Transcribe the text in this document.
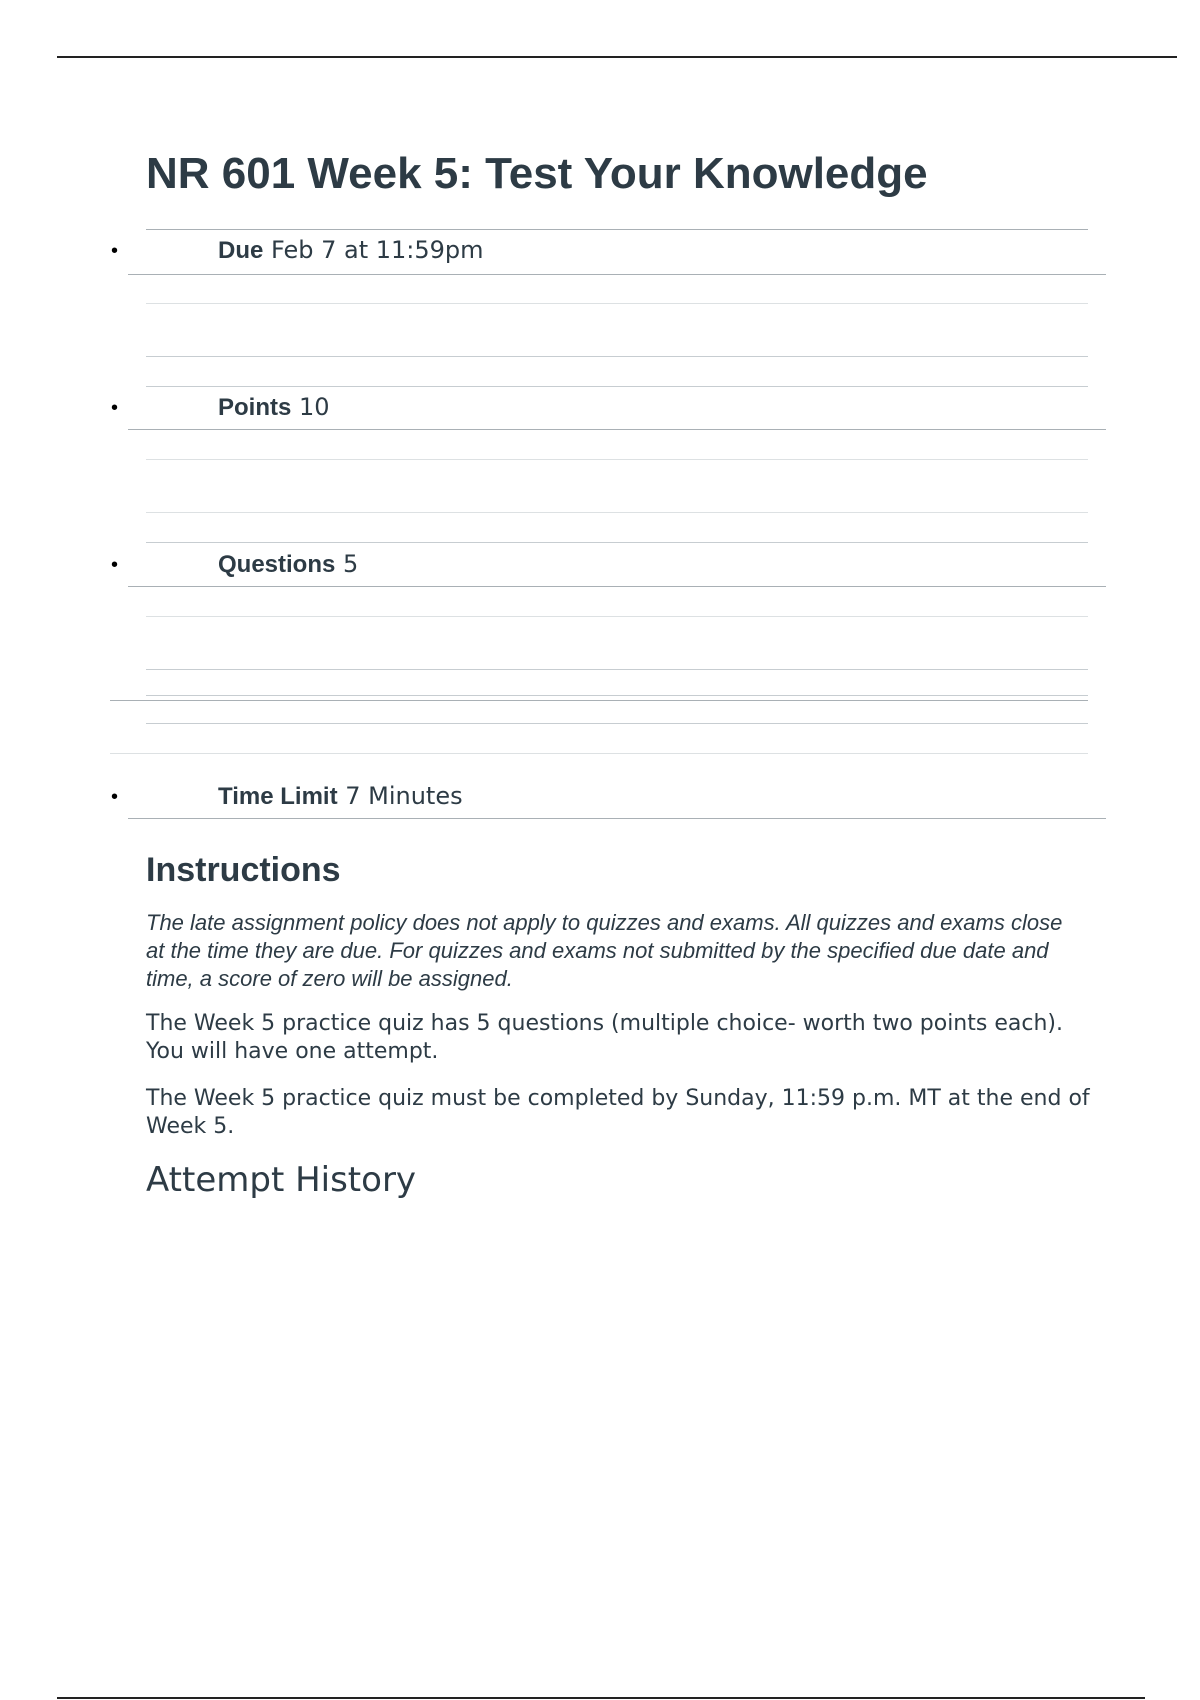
NR 601 Week 5: Test Your Knowledge
•	Due Feb 7 at 11:59pm
•	Points 10
•	Questions 5
•	Time Limit 7 Minutes
Instructions

The late assignment policy does not apply to quizzes and exams. All quizzes and exams close at the time they are due. For quizzes and exams not submitted by the specified due date and time, a score of zero will be assigned.

The Week 5 practice quiz has 5 questions (multiple choice- worth two points each). You will have one attempt.

The Week 5 practice quiz must be completed by Sunday, 11:59 p.m. MT at the end of Week 5.

Attempt History
